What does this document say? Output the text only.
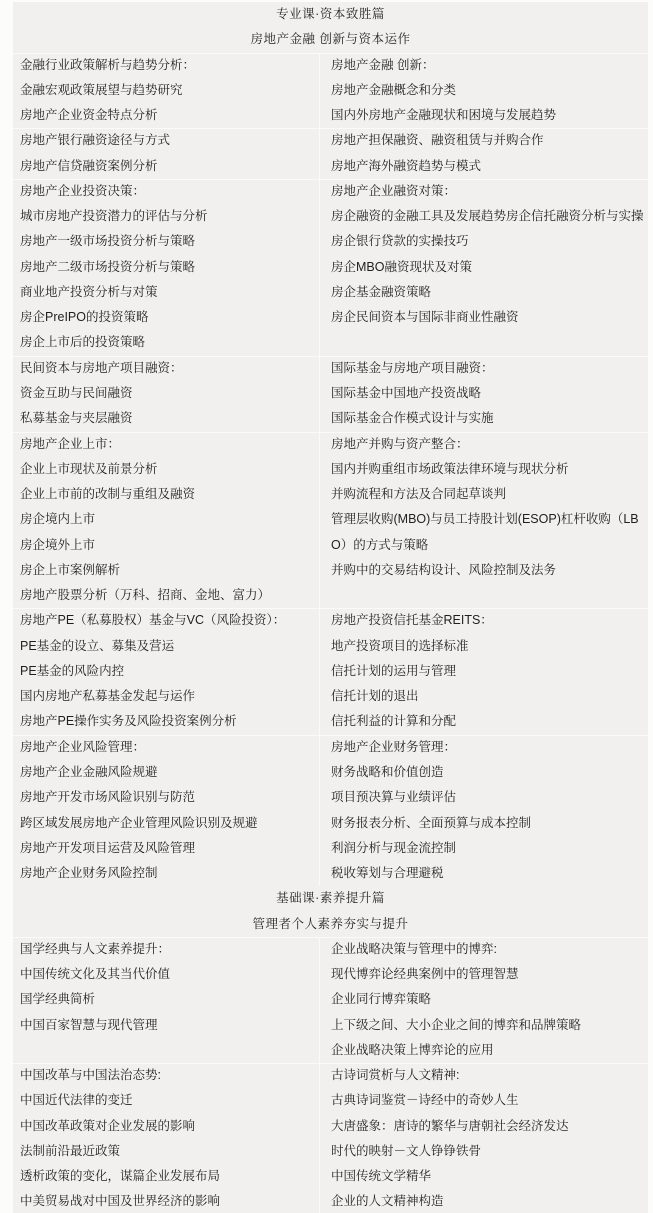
专业课·资本致胜篇
房地产金融 创新与资本运作
金融行业政策解析与趋势分析：
金融宏观政策展望与趋势研究
房地产企业资金特点分析
房地产金融 创新：
房地产金融概念和分类
国内外房地产金融现状和困境与发展趋势
房地产银行融资途径与方式
房地产信贷融资案例分析
房地产担保融资、融资租赁与并购合作
房地产海外融资趋势与模式
房地产企业投资决策：
城市房地产投资潜力的评估与分析
房地产一级市场投资分析与策略
房地产二级市场投资分析与策略
商业地产投资分析与对策
房企PreIPO的投资策略
房企上市后的投资策略
房地产企业融资对策：
房企融资的金融工具及发展趋势房企信托融资分析与实操
房企银行贷款的实操技巧
房企MBO融资现状及对策
房企基金融资策略
房企民间资本与国际非商业性融资
民间资本与房地产项目融资：
资金互助与民间融资
私募基金与夹层融资
国际基金与房地产项目融资：
国际基金中国地产投资战略
国际基金合作模式设计与实施
房地产企业上市：
企业上市现状及前景分析
企业上市前的改制与重组及融资
房企境内上市
房企境外上市
房企上市案例解析
房地产股票分析（万科、招商、金地、富力）
房地产并购与资产整合：
国内并购重组市场政策法律环境与现状分析
并购流程和方法及合同起草谈判
管理层收购(MBO)与员工持股计划(ESOP)杠杆收购（LBO）的方式与策略
并购中的交易结构设计、风险控制及法务
房地产PE（私募股权）基金与VC（风险投资）：
PE基金的设立、募集及营运
PE基金的风险内控
国内房地产私募基金发起与运作
房地产PE操作实务及风险投资案例分析
房地产投资信托基金REITS：
地产投资项目的选择标准
信托计划的运用与管理
信托计划的退出
信托利益的计算和分配
房地产企业风险管理：
房地产企业金融风险规避
房地产开发市场风险识别与防范
跨区域发展房地产企业管理风险识别及规避
房地产开发项目运营及风险管理
房地产企业财务风险控制
房地产企业财务管理：
财务战略和价值创造
项目预决算与业绩评估
财务报表分析、全面预算与成本控制
利润分析与现金流控制
税收筹划与合理避税
基础课·素养提升篇
管理者个人素养夯实与提升
国学经典与人文素养提升：
中国传统文化及其当代价值
国学经典简析
中国百家智慧与现代管理
企业战略决策与管理中的博弈:
现代博弈论经典案例中的管理智慧
企业同行博弈策略
上下级之间、大小企业之间的博弈和品牌策略
企业战略决策上博弈论的应用
中国改革与中国法治态势:
中国近代法律的变迁
中国改革政策对企业发展的影响
法制前沿最近政策
透析政策的变化，谋篇企业发展布局
中美贸易战对中国及世界经济的影响
古诗词赏析与人文精神:
古典诗词鉴赏－诗经中的奇妙人生
大唐盛象：唐诗的繁华与唐朝社会经济发达
时代的映射－文人铮铮铁骨
中国传统文学精华
企业的人文精神构造
